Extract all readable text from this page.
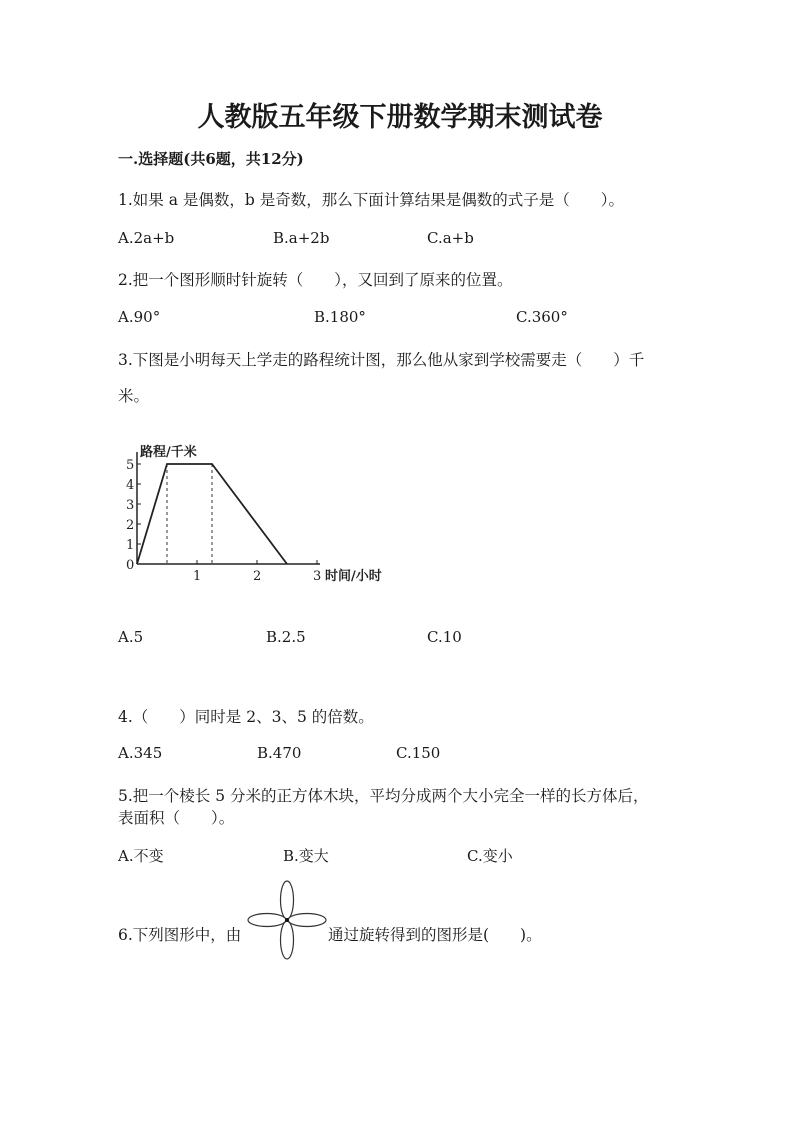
人教版五年级下册数学期末测试卷
一.选择题(共6题，共12分)
1.如果 a 是偶数，b 是奇数，那么下面计算结果是偶数的式子是（　　）。
A.2a+b	B.a+2b	C.a+b
2.把一个图形顺时针旋转（　　），又回到了原来的位置。
A.90°	B.180°	C.360°
3.下图是小明每天上学走的路程统计图，那么他从家到学校需要走（　　）千
米。
0
1
2
3
4
5
1	2	3
路程/千米
时间/小时
A.5	B.2.5	C.10
4.（　　）同时是 2、3、5 的倍数。
A.345	B.470	C.150
5.把一个棱长 5 分米的正方体木块，平均分成两个大小完全一样的长方体后，
表面积（　　）。
A.不变	B.变大	C.变小
6.下列图形中，由	通过旋转得到的图形是(　　)。
